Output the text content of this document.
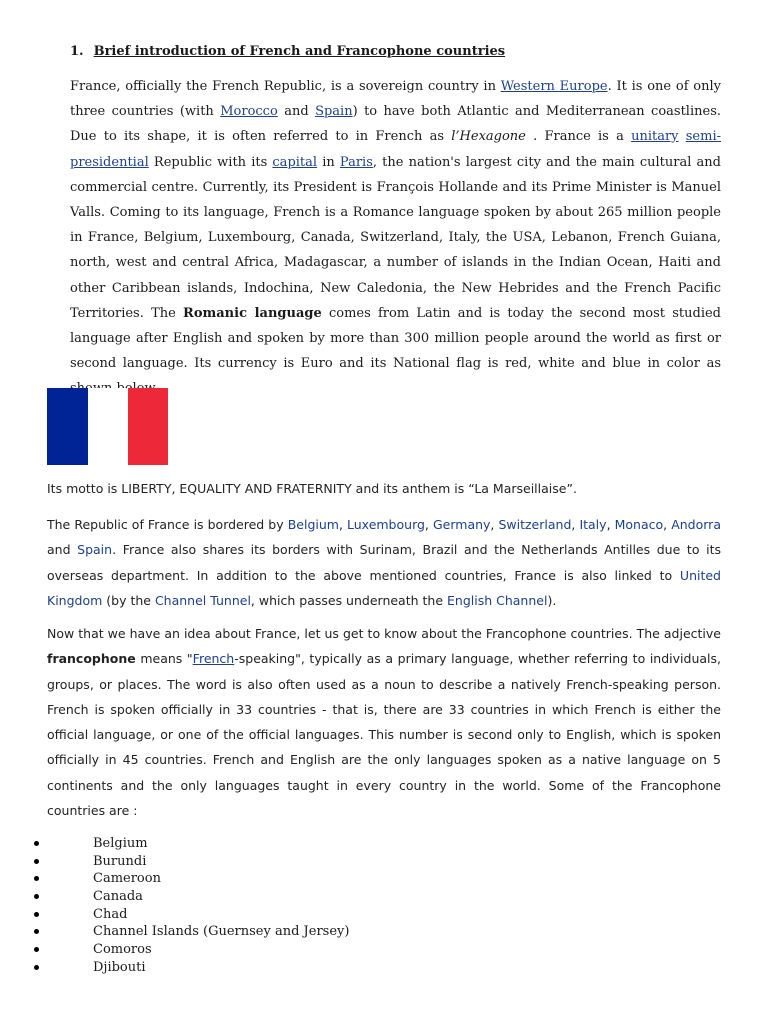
1. Brief introduction of French and Francophone countries
France, officially the French Republic, is a sovereign country in Western Europe. It is one of only three countries (with Morocco and Spain) to have both Atlantic and Mediterranean coastlines. Due to its shape, it is often referred to in French as l’Hexagone . France is a unitary semi-presidential Republic with its capital in Paris, the nation's largest city and the main cultural and commercial centre. Currently, its President is François Hollande and its Prime Minister is Manuel Valls. Coming to its language, French is a Romance language spoken by about 265 million people in France, Belgium, Luxembourg, Canada, Switzerland, Italy, the USA, Lebanon, French Guiana, north, west and central Africa, Madagascar, a number of islands in the Indian Ocean, Haiti and other Caribbean islands, Indochina, New Caledonia, the New Hebrides and the French Pacific Territories. The Romanic language comes from Latin and is today the second most studied language after English and spoken by more than 300 million people around the world as first or second language. Its currency is Euro and its National flag is red, white and blue in color as
Its motto is LIBERTY, EQUALITY AND FRATERNITY and its anthem is “La Marseillaise”.
The Republic of France is bordered by Belgium, Luxembourg, Germany, Switzerland, Italy, Monaco, Andorra and Spain. France also shares its borders with Surinam, Brazil and the Netherlands Antilles due to its overseas department. In addition to the above mentioned countries, France is also linked to United Kingdom (by the Channel Tunnel, which passes underneath the English Channel).
Now that we have an idea about France, let us get to know about the Francophone countries. The adjective francophone means "French-speaking", typically as a primary language, whether referring to individuals, groups, or places. The word is also often used as a noun to describe a natively French-speaking person. French is spoken officially in 33 countries - that is, there are 33 countries in which French is either the official language, or one of the official languages. This number is second only to English, which is spoken officially in 45 countries. French and English are the only languages spoken as a native language on 5 continents and the only languages taught in every country in the world. Some of the Francophone countries are :
Belgium
Burundi
Cameroon
Canada
Chad
Channel Islands (Guernsey and Jersey)
Comoros
Djibouti
